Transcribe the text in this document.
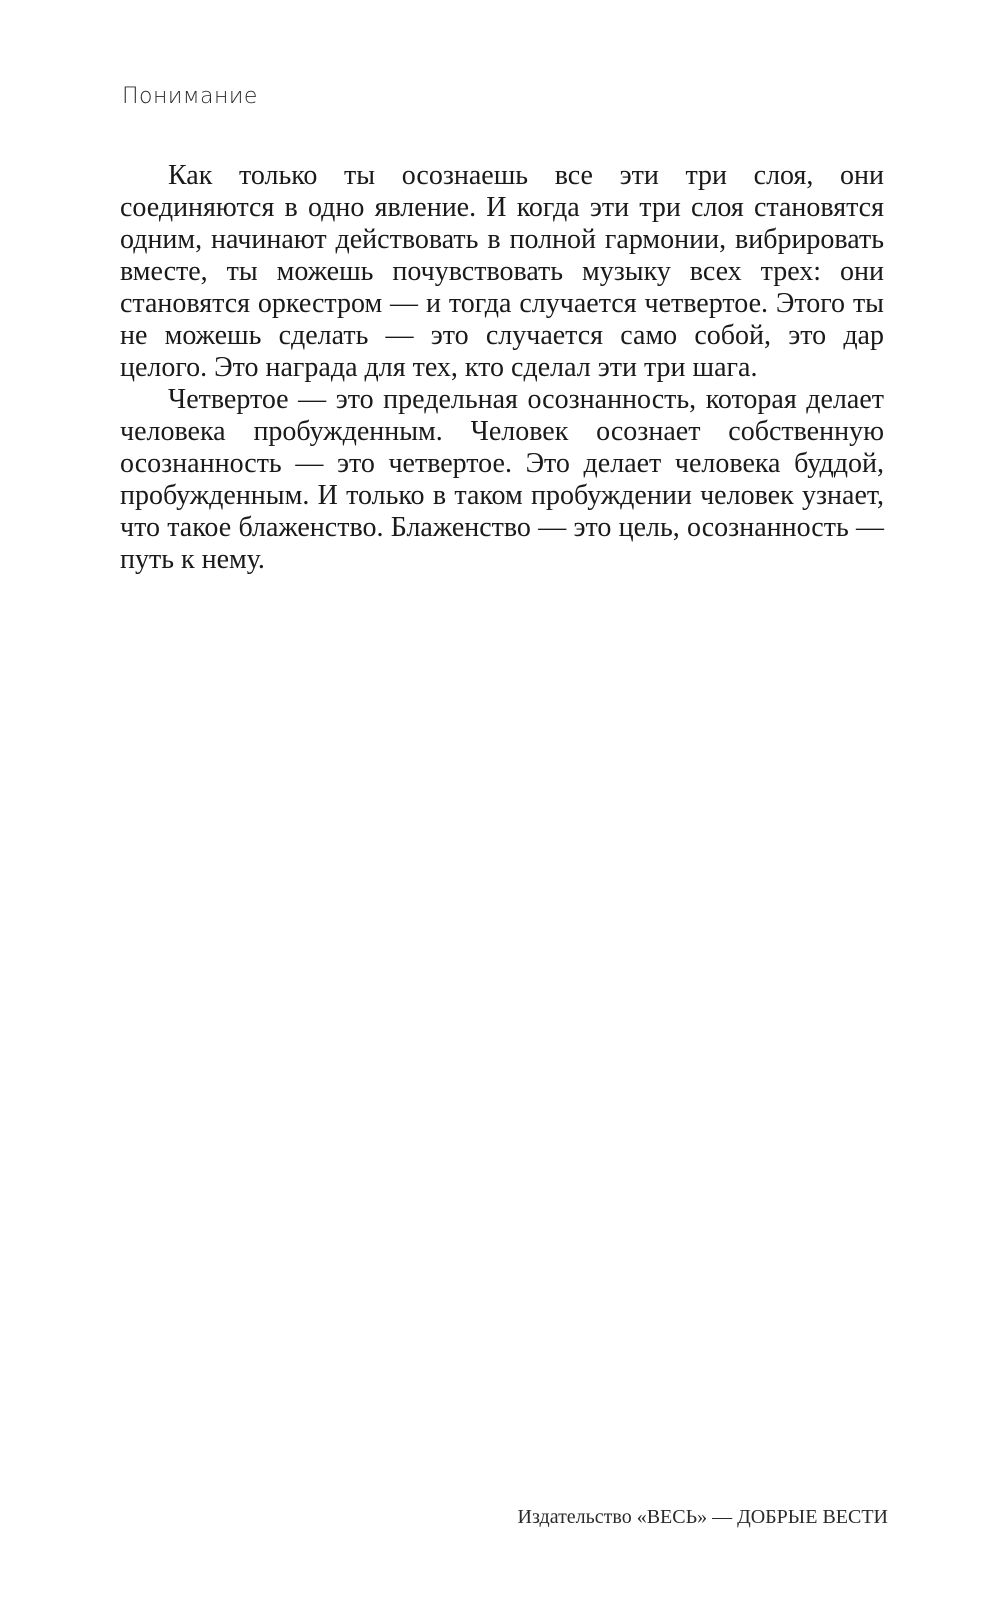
Понимание

Как только ты осознаешь все эти три слоя, они соединяются в одно явление. И когда эти три слоя становятся одним, начинают действовать в полной гармонии, вибрировать вместе, ты можешь почувствовать музыку всех трех: они становятся оркестром — и тогда случается четвертое. Этого ты не можешь сделать — это случается само собой, это дар целого. Это награда для тех, кто сделал эти три шага.

Четвертое — это предельная осознанность, которая делает человека пробужденным. Человек осознает собственную осознанность — это четвертое. Это делает человека буддой, пробужденным. И только в таком пробуждении человек узнает, что такое блаженство. Блаженство — это цель, осознанность — путь к нему.

Издательство «ВЕСЬ» — ДОБРЫЕ ВЕСТИ
